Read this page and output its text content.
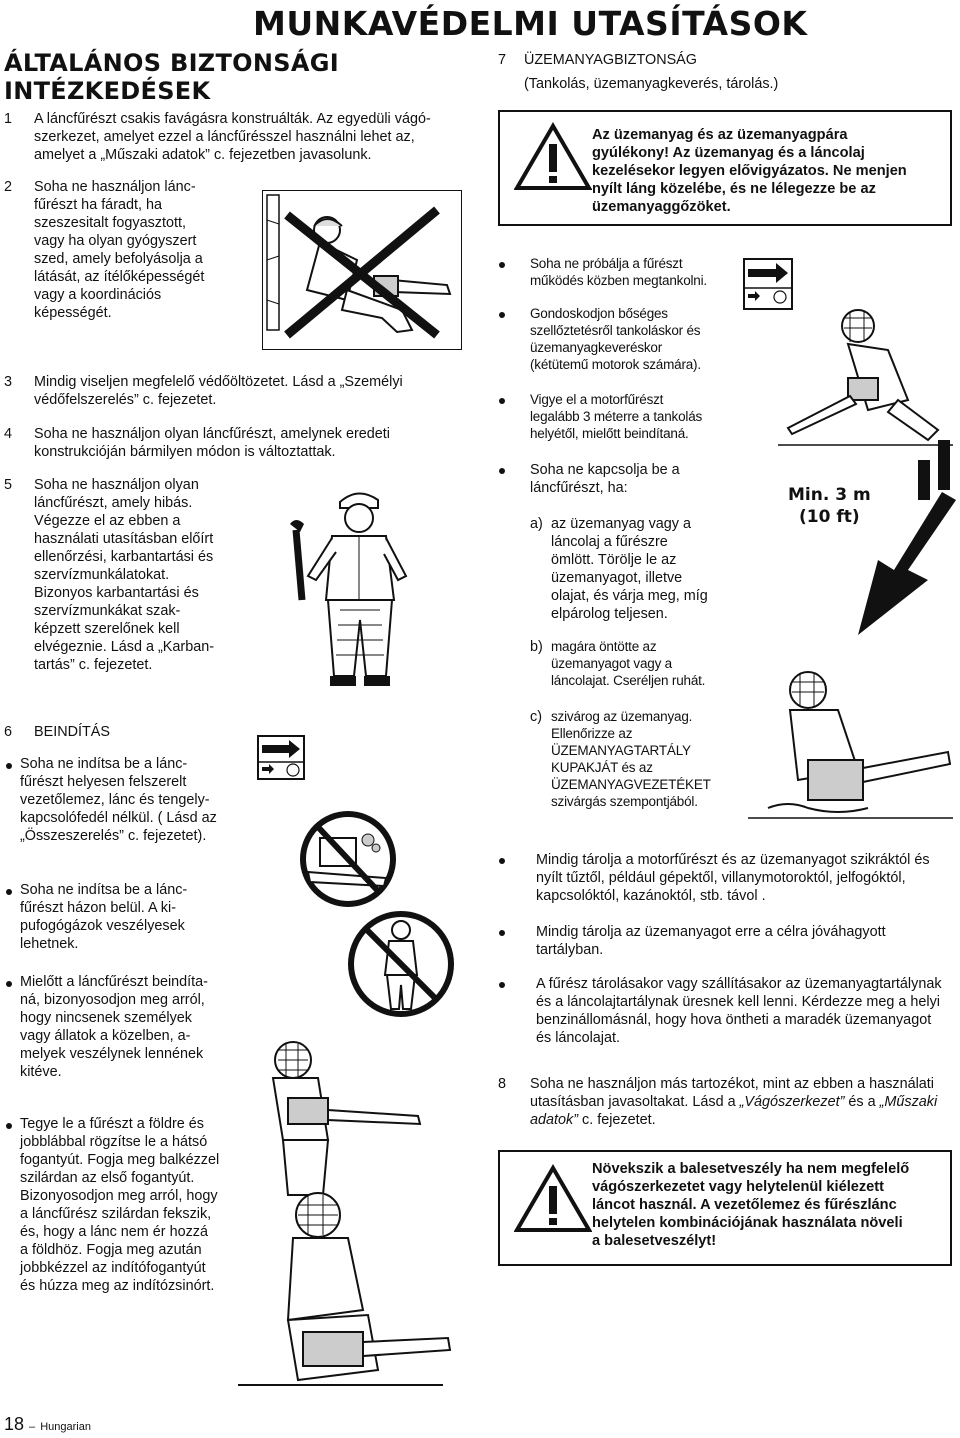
MUNKAVÉDELMI UTASÍTÁSOK
ÁLTALÁNOS BIZTONSÁGI
INTÉZKEDÉSEK
1 A láncfűrészt csakis favágásra konstruálták. Az egyedüli vágó-
szerkezet, amelyet ezzel a láncfűrésszel használni lehet az,
amelyet a „Műszaki adatok” c. fejezetben javasolunk.
2 Soha ne használjon lánc-
fűrészt ha fáradt, ha
szeszesitalt fogyasztott,
vagy ha olyan gyógyszert
szed, amely befolyásolja a
látását, az ítélőképességét
vagy a koordinációs
képességét.
3 Mindig viseljen megfelelő védőöltözetet. Lásd a „Személyi
védőfelszerelés” c. fejezetet.
4 Soha ne használjon olyan láncfűrészt, amelynek eredeti
konstrukcióján bármilyen módon is változtattak.
5 Soha ne használjon olyan
láncfűrészt, amely hibás.
Végezze el az ebben a
használati utasításban előírt
ellenőrzési, karbantartási és
szervízmunkálatokat.
Bizonyos karbantartási és
szervízmunkákat szak-
képzett szerelőnek kell
elvégeznie. Lásd a „Karban-
tartás” c. fejezetet.
6 BEINDÍTÁS
Soha ne indítsa be a lánc-
fűrészt helyesen felszerelt
vezetőlemez, lánc és tengely-
kapcsolófedél nélkül. ( Lásd az
„Összeszerelés” c. fejezetet).
Soha ne indítsa be a lánc-
fűrészt házon belül. A ki-
pufogógázok veszélyesek
lehetnek.
Mielőtt a láncfűrészt beindíta-
ná, bizonyosodjon meg arról,
hogy nincsenek személyek
vagy állatok a közelben, a-
melyek veszélynek lennének
kitéve.
Tegye le a fűrészt a földre és
jobblábbal rögzítse le a hátsó
fogantyút. Fogja meg balkézzel
szilárdan az első fogantyút.
Bizonyosodjon meg arról, hogy
a láncfűrész szilárdan fekszik,
és, hogy a lánc nem ér hozzá
a földhöz. Fogja meg azután
jobbkézzel az indítófogantyút
és húzza meg az indítózsinórt.
7 ÜZEMANYAGBIZTONSÁG
(Tankolás, üzemanyagkeverés, tárolás.)
Az üzemanyag és az üzemanyagpára
gyúlékony! Az üzemanyag és a láncolaj
kezelésekor legyen elővigyázatos. Ne menjen
nyílt láng közelébe, és ne lélegezze be az
üzemanyaggőzöket.
Soha ne próbálja a fűrészt
működés közben megtankolni.
Gondoskodjon bőséges
szellőztetésről tankoláskor és
üzemanyagkeveréskor
(kétütemű motorok számára).
Vigye el a motorfűrészt
legalább 3 méterre a tankolás
helyétől, mielőtt beindítaná.
Soha ne kapcsolja be a
láncfűrészt, ha:
a) az üzemanyag vagy a
láncolaj a fűrészre
ömlött. Törölje le az
üzemanyagot, illetve
olajat, és várja meg, míg
elpárolog teljesen.
b) magára öntötte az
üzemanyagot vagy a
láncolajat. Cseréljen ruhát.
c) szivárog az üzemanyag.
Ellenőrizze az
ÜZEMANYAGTARTÁLY
KUPAKJÁT és az
ÜZEMANYAGVEZETÉKET
szivárgás szempontjából.
Min. 3 m
(10 ft)
Mindig tárolja a motorfűrészt és az üzemanyagot szikráktól és
nyílt tűztől, például gépektől, villanymotoroktól, jelfogóktól,
kapcsolóktól, kazánoktól, stb. távol .
Mindig tárolja az üzemanyagot erre a célra jóváhagyott
tartályban.
A fűrész tárolásakor vagy szállításakor az üzemanyagtartálynak
és a láncolajtartálynak üresnek kell lenni. Kérdezze meg a helyi
benzinállomásnál, hogy hova öntheti a maradék üzemanyagot
és láncolajat.
8 Soha ne használjon más tartozékot, mint az ebben a használati
utasításban javasoltakat. Lásd a „Vágószerkezet” és a „Műszaki
adatok” c. fejezetet.
Növekszik a balesetveszély ha nem megfelelő
vágószerkezetet vagy helytelenül kiélezett
láncot használ. A vezetőlemez és fűrészlánc
helytelen kombinációjának használata növeli
a balesetveszélyt!
18 – Hungarian
